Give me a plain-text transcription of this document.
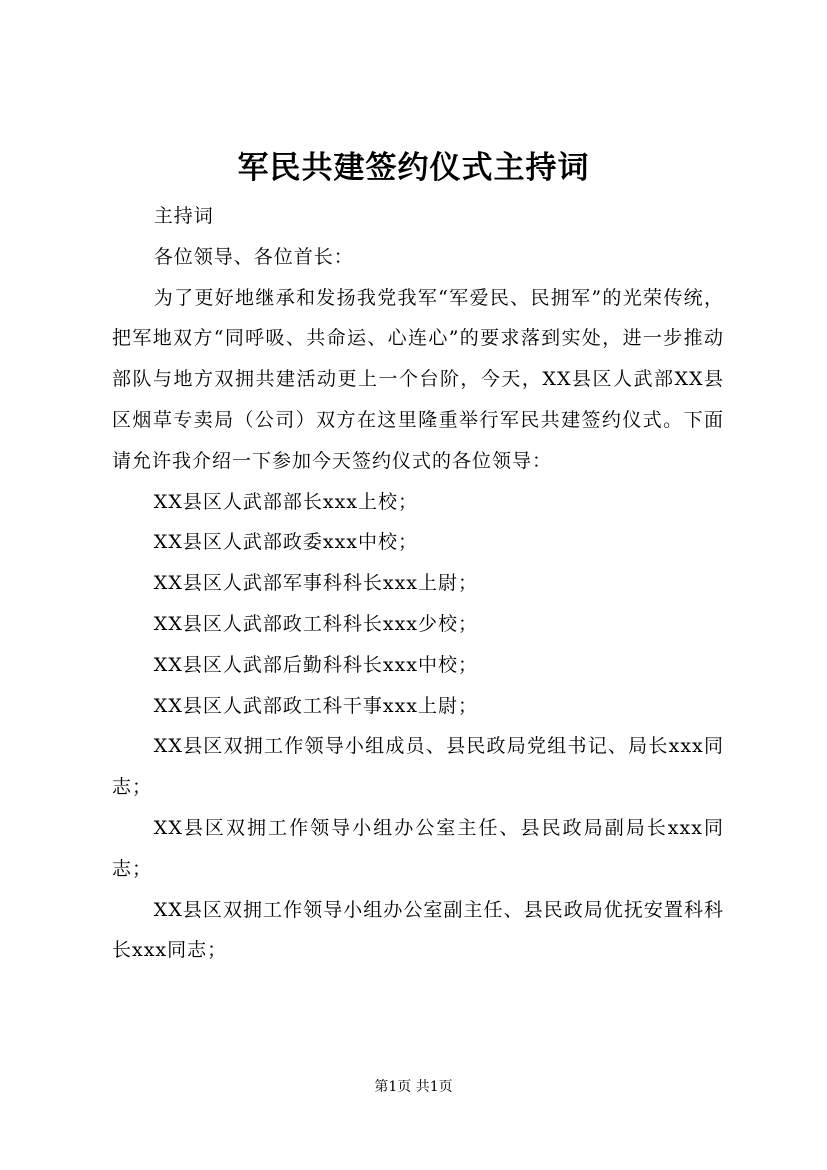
军民共建签约仪式主持词

主持词

各位领导、各位首长：

为了更好地继承和发扬我党我军“军爱民、民拥军”的光荣传统，把军地双方“同呼吸、共命运、心连心”的要求落到实处，进一步推动部队与地方双拥共建活动更上一个台阶，今天，XX县区人武部XX县区烟草专卖局（公司）双方在这里隆重举行军民共建签约仪式。下面请允许我介绍一下参加今天签约仪式的各位领导：

XX县区人武部部长xxx上校；

XX县区人武部政委xxx中校；

XX县区人武部军事科科长xxx上尉；

XX县区人武部政工科科长xxx少校；

XX县区人武部后勤科科长xxx中校；

XX县区人武部政工科干事xxx上尉；

XX县区双拥工作领导小组成员、县民政局党组书记、局长xxx同志；

XX县区双拥工作领导小组办公室主任、县民政局副局长xxx同志；

XX县区双拥工作领导小组办公室副主任、县民政局优抚安置科科长xxx同志；

第1页 共1页
